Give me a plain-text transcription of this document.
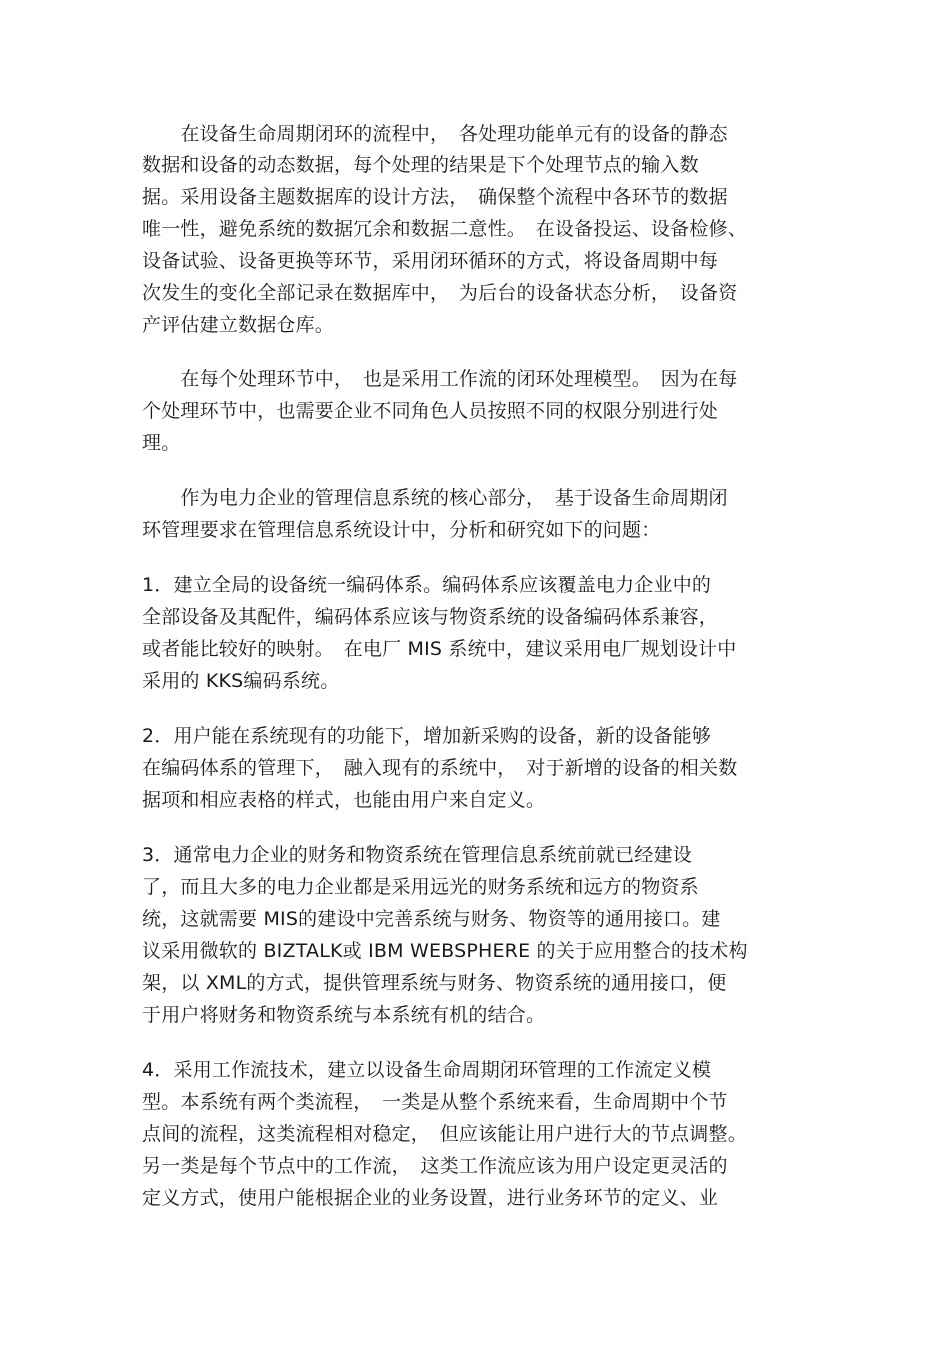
　　在设备生命周期闭环的流程中，　各处理功能单元有的设备的静态
数据和设备的动态数据，每个处理的结果是下个处理节点的输入数
据。采用设备主题数据库的设计方法，　确保整个流程中各环节的数据
唯一性，避免系统的数据冗余和数据二意性。　在设备投运、设备检修、
设备试验、设备更换等环节，采用闭环循环的方式，将设备周期中每
次发生的变化全部记录在数据库中，　为后台的设备状态分析，　设备资
产评估建立数据仓库。
　　在每个处理环节中，　也是采用工作流的闭环处理模型。　因为在每
个处理环节中，也需要企业不同角色人员按照不同的权限分别进行处
理。
　　作为电力企业的管理信息系统的核心部分，　基于设备生命周期闭
环管理要求在管理信息系统设计中，分析和研究如下的问题：
1．建立全局的设备统一编码体系。编码体系应该覆盖电力企业中的
全部设备及其配件，编码体系应该与物资系统的设备编码体系兼容，
或者能比较好的映射。　在电厂 MIS 系统中，建议采用电厂规划设计中
采用的 KKS编码系统。
2．用户能在系统现有的功能下，增加新采购的设备，新的设备能够
在编码体系的管理下，　融入现有的系统中，　对于新增的设备的相关数
据项和相应表格的样式，也能由用户来自定义。
3．通常电力企业的财务和物资系统在管理信息系统前就已经建设
了，而且大多的电力企业都是采用远光的财务系统和远方的物资系
统，这就需要 MIS的建设中完善系统与财务、物资等的通用接口。建
议采用微软的 BIZTALK或 IBM WEBSPHERE 的关于应用整合的技术构
架，以 XML的方式，提供管理系统与财务、物资系统的通用接口，便
于用户将财务和物资系统与本系统有机的结合。
4．采用工作流技术，建立以设备生命周期闭环管理的工作流定义模
型。本系统有两个类流程，　一类是从整个系统来看，生命周期中个节
点间的流程，这类流程相对稳定，　但应该能让用户进行大的节点调整。
另一类是每个节点中的工作流，　这类工作流应该为用户设定更灵活的
定义方式，使用户能根据企业的业务设置，进行业务环节的定义、业
